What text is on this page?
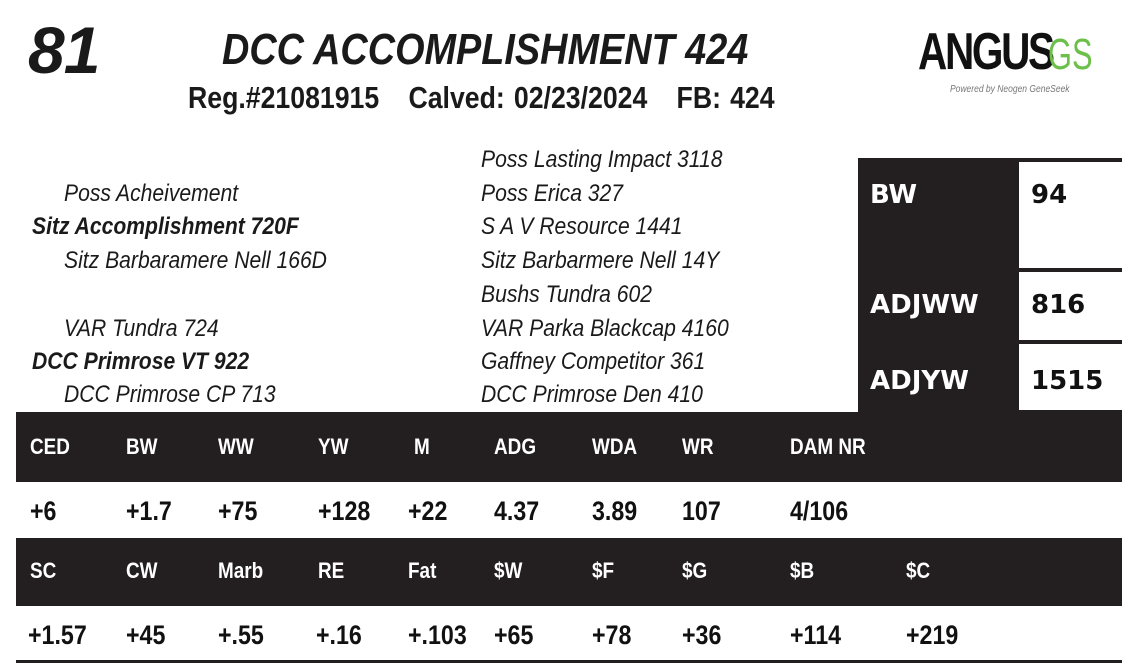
81	DCC ACCOMPLISHMENT 424
Reg.#21081915 Calved: 02/23/2024 FB: 424
ANGUS
GS
Powered by Neogen GeneSeek
Poss Acheivement
Sitz Accomplishment 720F
Sitz Barbaramere Nell 166D
VAR Tundra 724
DCC Primrose VT 922
DCC Primrose CP 713
Poss Lasting Impact 3118
Poss Erica 327
S A V Resource 1441
Sitz Barbarmere Nell 14Y
Bushs Tundra 602
VAR Parka Blackcap 4160
Gaffney Competitor 361
DCC Primrose Den 410
BW	94
ADJWW	816
ADJYW	1515
CED	BW	WW	YW	M	ADG	WDA WR	DAM NR
+6	+1.7 +75 +128 +22 4.37 3.89 107	4/106
SC	CW	Marb RE	Fat	$W	$F	$G	$B	$C
+1.57 +45 +.55 +.16 +.103 +65 +78 +36	+114 +219
